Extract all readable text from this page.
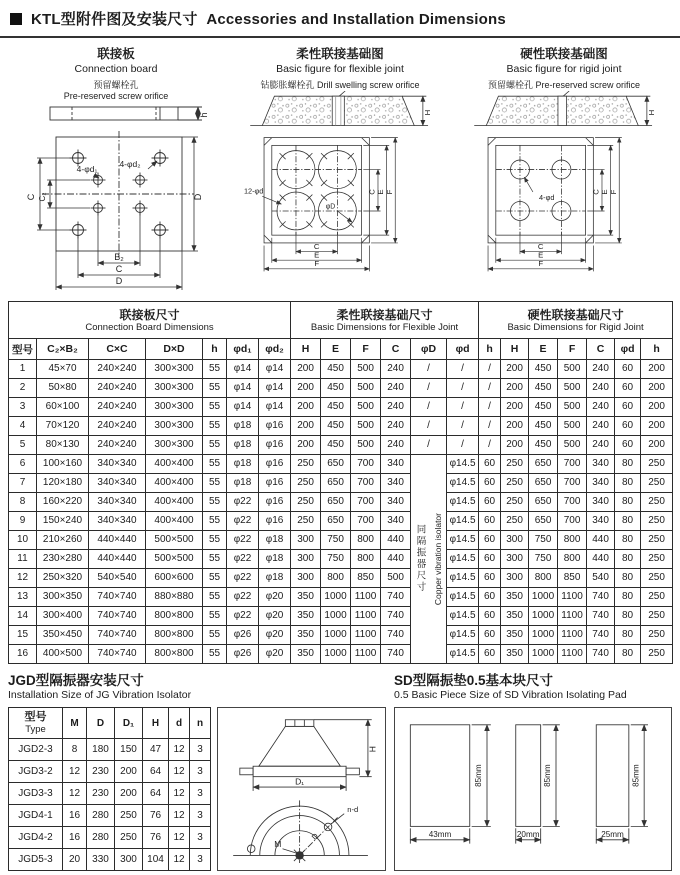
KTL型附件图及安装尺寸 Accessories and Installation Dimensions
联接板
Connection board
预留螺栓孔
Pre-reserved screw orifice
h
C C₂	D
4-φd₁	4-φd₂
B₂
C
D
柔性联接基础图
Basic figure for flexible joint
钻膨胀螺栓孔 Drill swelling screw orifice
H
12-φd
φD
C E F
C
E
F
硬性联接基础图
Basic figure for rigid joint
预留螺栓孔 Pre-reserved screw orifice
H
4-φd
C E F
C
E
F
联接板尺寸
Connection Board Dimensions							柔性联接基础尺寸
Basic Dimensions for Flexible Joint						硬性联接基础尺寸
Basic Dimensions for Rigid Joint						

型号	C₂×B₂	C×C	D×D	h	φd₁	φd₂	H	E	F	C	φD	φd	h	H	E	F	C	φd	h
1	45×70	240×240	300×300	55	φ14	φ14	200	450	500	240	/	/	/	200	450	500	240	60	200
2	50×80	240×240	300×300	55	φ14	φ14	200	450	500	240	/	/	/	200	450	500	240	60	200
3	60×100	240×240	300×300	55	φ14	φ14	200	450	500	240	/	/	/	200	450	500	240	60	200
4	70×120	240×240	300×300	55	φ18	φ16	200	450	500	240	/	/	/	200	450	500	240	60	200
5	80×130	240×240	300×300	55	φ18	φ16	200	450	500	240	/	/	/	200	450	500	240	60	200
6	100×160	340×340	400×400	55	φ18	φ16	250	650	700	340	同隔振器尺寸 Copper vibration isolator	φ14.5	60	250	650	700	340	80	250
7	120×180	340×340	400×400	55	φ18	φ16	250	650	700	340		φ14.5	60	250	650	700	340	80	250
8	160×220	340×340	400×400	55	φ22	φ16	250	650	700	340		φ14.5	60	250	650	700	340	80	250
9	150×240	340×340	400×400	55	φ22	φ16	250	650	700	340		φ14.5	60	250	650	700	340	80	250
10	210×260	440×440	500×500	55	φ22	φ18	300	750	800	440		φ14.5	60	300	750	800	440	80	250
11	230×280	440×440	500×500	55	φ22	φ18	300	750	800	440		φ14.5	60	300	750	800	440	80	250
12	250×320	540×540	600×600	55	φ22	φ18	300	800	850	500		φ14.5	60	300	800	850	540	80	250
13	300×350	740×740	880×880	55	φ22	φ20	350	1000	1100	740		φ14.5	60	350	1000	1100	740	80	250
14	300×400	740×740	800×800	55	φ22	φ20	350	1000	1100	740		φ14.5	60	350	1000	1100	740	80	250
15	350×450	740×740	800×800	55	φ26	φ20	350	1000	1100	740		φ14.5	60	350	1000	1100	740	80	250
16	400×500	740×740	800×800	55	φ26	φ20	350	1000	1100	740		φ14.5	60	350	1000	1100	740	80	250
JGD型隔振器安装尺寸
Installation Size of JG Vibration Isolator
型号
Type	M	D	D₁	H	d	n
JGD2-3	8	180	150	47	12	3
JGD3-2	12	230	200	64	12	3
JGD3-3	12	230	200	64	12	3
JGD4-1	16	280	250	76	12	3
JGD4-2	16	280	250	76	12	3
JGD5-3	20	330	300	104	12	3
H
D₁
M
D
n-d
SD型隔振垫0.5基本块尺寸
0.5 Basic Piece Size of SD Vibration Isolating Pad
85mm
43mm
85mm
20mm
85mm
25mm
